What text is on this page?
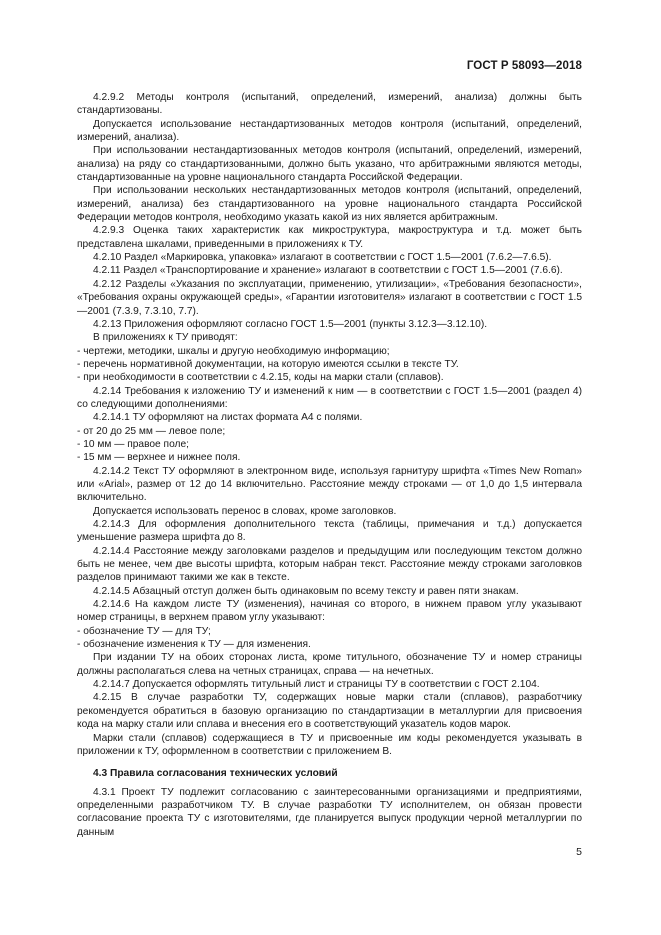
ГОСТ Р 58093—2018

4.2.9.2 Методы контроля (испытаний, определений, измерений, анализа) должны быть стандартизованы.

Допускается использование нестандартизованных методов контроля (испытаний, определений, измерений, анализа).

При использовании нестандартизованных методов контроля (испытаний, определений, измерений, анализа) на ряду со стандартизованными, должно быть указано, что арбитражными являются методы, стандартизованные на уровне национального стандарта Российской Федерации.

При использовании нескольких нестандартизованных методов контроля (испытаний, определений, измерений, анализа) без стандартизованного на уровне национального стандарта Российской Федерации методов контроля, необходимо указать какой из них является арбитражным.

4.2.9.3 Оценка таких характеристик как микроструктура, макроструктура и т.д. может быть представлена шкалами, приведенными в приложениях к ТУ.

4.2.10 Раздел «Маркировка, упаковка» излагают в соответствии с ГОСТ 1.5—2001 (7.6.2—7.6.5).

4.2.11 Раздел «Транспортирование и хранение» излагают в соответствии с ГОСТ 1.5—2001 (7.6.6).

4.2.12 Разделы «Указания по эксплуатации, применению, утилизации», «Требования безопасности», «Требования охраны окружающей среды», «Гарантии изготовителя» излагают в соответствии с ГОСТ 1.5—2001 (7.3.9, 7.3.10, 7.7).

4.2.13 Приложения оформляют согласно ГОСТ 1.5—2001 (пункты 3.12.3—3.12.10).

В приложениях к ТУ приводят:

- чертежи, методики, шкалы и другую необходимую информацию;

- перечень нормативной документации, на которую имеются ссылки в тексте ТУ.

- при необходимости в соответствии с 4.2.15, коды на марки стали (сплавов).

4.2.14 Требования к изложению ТУ и изменений к ним — в соответствии с ГОСТ 1.5—2001 (раздел 4) со следующими дополнениями:

4.2.14.1 ТУ оформляют на листах формата А4 с полями.

- от 20 до 25 мм — левое поле;

- 10 мм — правое поле;

- 15 мм — верхнее и нижнее поля.

4.2.14.2 Текст ТУ оформляют в электронном виде, используя гарнитуру шрифта «Times New Roman» или «Arial», размер от 12 до 14 включительно. Расстояние между строками — от 1,0 до 1,5 интервала включительно.

Допускается использовать перенос в словах, кроме заголовков.

4.2.14.3 Для оформления дополнительного текста (таблицы, примечания и т.д.) допускается уменьшение размера шрифта до 8.

4.2.14.4 Расстояние между заголовками разделов и предыдущим или последующим текстом должно быть не менее, чем две высоты шрифта, которым набран текст. Расстояние между строками заголовков разделов принимают такими же как в тексте.

4.2.14.5 Абзацный отступ должен быть одинаковым по всему тексту и равен пяти знакам.

4.2.14.6 На каждом листе ТУ (изменения), начиная со второго, в нижнем правом углу указывают номер страницы, в верхнем правом углу указывают:

- обозначение ТУ — для ТУ;

- обозначение изменения к ТУ — для изменения.

При издании ТУ на обоих сторонах листа, кроме титульного, обозначение ТУ и номер страницы должны располагаться слева на четных страницах, справа — на нечетных.

4.2.14.7 Допускается оформлять титульный лист и страницы ТУ в соответствии с ГОСТ 2.104.

4.2.15 В случае разработки ТУ, содержащих новые марки стали (сплавов), разработчику рекомендуется обратиться в базовую организацию по стандартизации в металлургии для присвоения кода на марку стали или сплава и внесения его в соответствующий указатель кодов марок.

Марки стали (сплавов) содержащиеся в ТУ и присвоенные им коды рекомендуется указывать в приложении к ТУ, оформленном в соответствии с приложением В.

4.3 Правила согласования технических условий

4.3.1 Проект ТУ подлежит согласованию с заинтересованными организациями и предприятиями, определенными разработчиком ТУ. В случае разработки ТУ исполнителем, он обязан провести согласование проекта ТУ с изготовителями, где планируется выпуск продукции черной металлургии по данным

5
